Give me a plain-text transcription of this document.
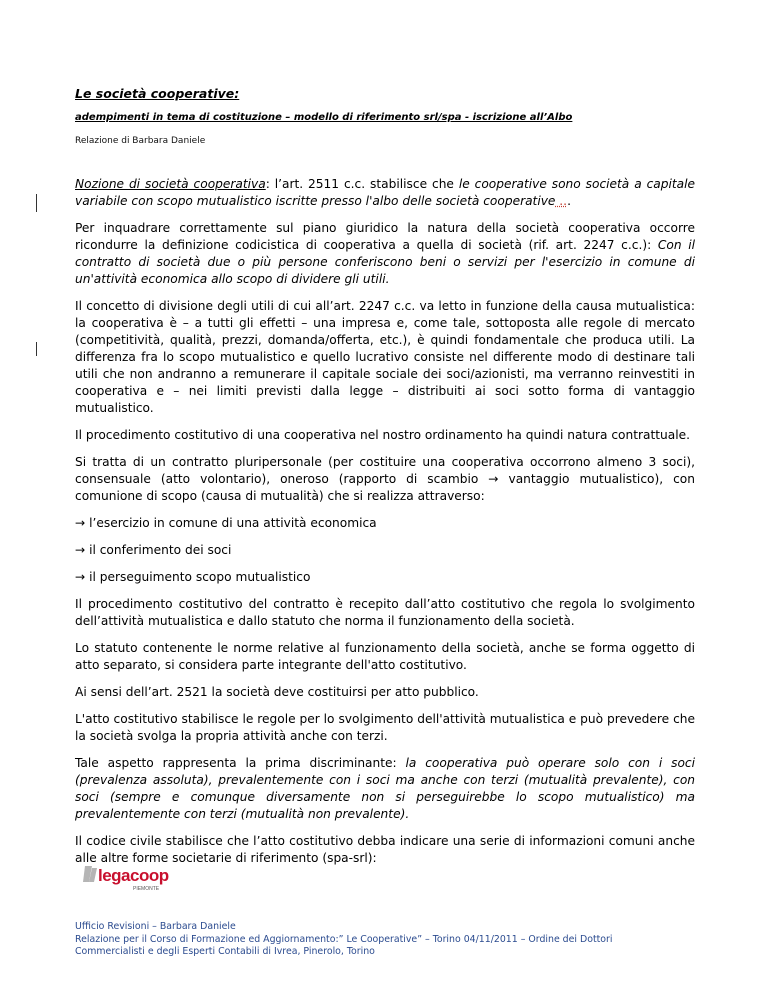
Le società cooperative:
adempimenti in tema di costituzione – modello di riferimento srl/spa - iscrizione all’Albo
Relazione di Barbara Daniele

Nozione di società cooperativa: l’art. 2511 c.c. stabilisce che le cooperative sono società a capitale variabile con scopo mutualistico iscritte presso l'albo delle società cooperative ...

Per inquadrare correttamente sul piano giuridico la natura della società cooperativa occorre ricondurre la definizione codicistica di cooperativa a quella di società (rif. art. 2247 c.c.): Con il contratto di società due o più persone conferiscono beni o servizi per l'esercizio in comune di un'attività economica allo scopo di dividere gli utili.

Il concetto di divisione degli utili di cui all’art. 2247 c.c. va letto in funzione della causa mutualistica: la cooperativa è – a tutti gli effetti – una impresa e, come tale, sottoposta alle regole di mercato (competitività, qualità, prezzi, domanda/offerta, etc.), è quindi fondamentale che produca utili. La differenza fra lo scopo mutualistico e quello lucrativo consiste nel differente modo di destinare tali utili che non andranno a remunerare il capitale sociale dei soci/azionisti, ma verranno reinvestiti in cooperativa e – nei limiti previsti dalla legge – distribuiti ai soci sotto forma di vantaggio mutualistico.

Il procedimento costitutivo di una cooperativa nel nostro ordinamento ha quindi natura contrattuale.

Si tratta di un contratto pluripersonale (per costituire una cooperativa occorrono almeno 3 soci), consensuale (atto volontario), oneroso (rapporto di scambio → vantaggio mutualistico), con comunione di scopo (causa di mutualità) che si realizza attraverso:

→ l’esercizio in comune di una attività economica

→ il conferimento dei soci

→ il perseguimento scopo mutualistico

Il procedimento costitutivo del contratto è recepito dall’atto costitutivo che regola lo svolgimento dell’attività mutualistica e dallo statuto che norma il funzionamento della società.

Lo statuto contenente le norme relative al funzionamento della società, anche se forma oggetto di atto separato, si considera parte integrante dell'atto costitutivo.

Ai sensi dell’art. 2521 la società deve costituirsi per atto pubblico.

L'atto costitutivo stabilisce le regole per lo svolgimento dell'attività mutualistica e può prevedere che la società svolga la propria attività anche con terzi.

Tale aspetto rappresenta la prima discriminante: la cooperativa può operare solo con i soci (prevalenza assoluta), prevalentemente con i soci ma anche con terzi (mutualità prevalente), con soci (sempre e comunque diversamente non si perseguirebbe lo scopo mutualistico) ma prevalentemente con terzi (mutualità non prevalente).

Il codice civile stabilisce che l’atto costitutivo debba indicare una serie di informazioni comuni anche alle altre forme societarie di riferimento (spa-srl):

legacoop
PIEMONTE
Ufficio Revisioni – Barbara Daniele
Relazione per il Corso di Formazione ed Aggiornamento:” Le Cooperative” – Torino 04/11/2011 – Ordine dei Dottori
Commercialisti e degli Esperti Contabili di Ivrea, Pinerolo, Torino
